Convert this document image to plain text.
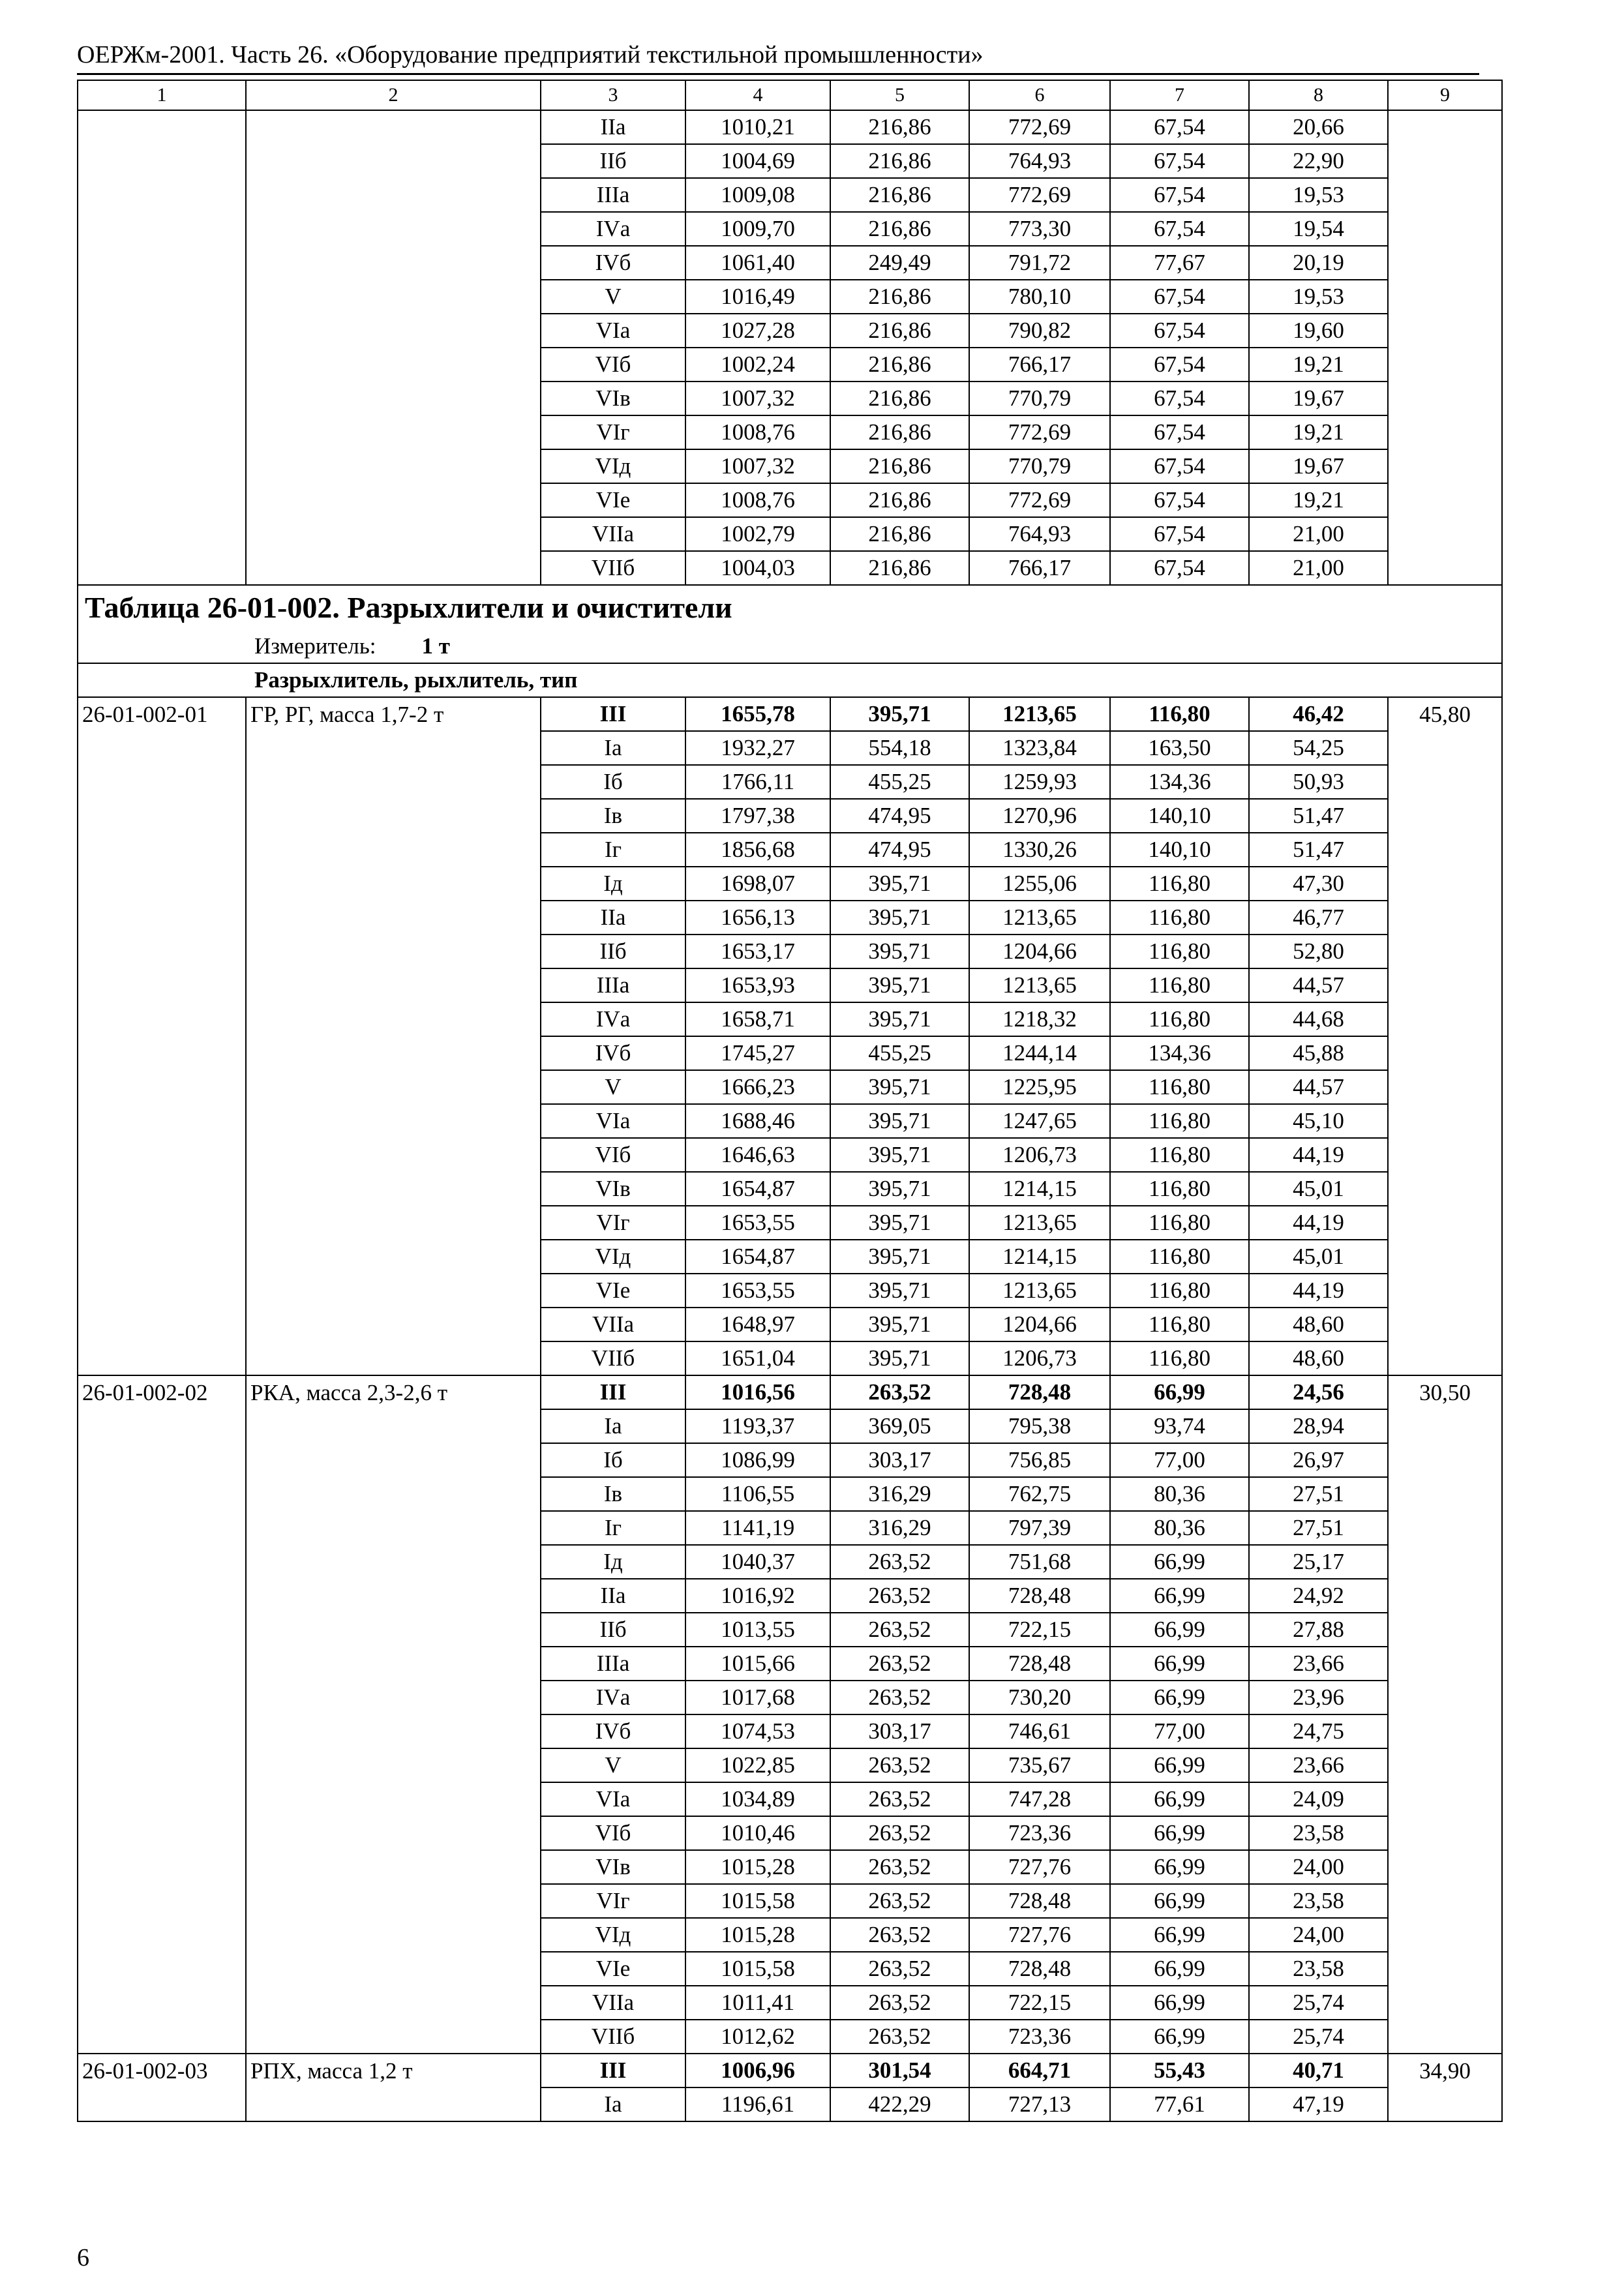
ОЕРЖм-2001. Часть 26. «Оборудование предприятий текстильной промышленности»
1	2	3	4	5	6	7	8	9
		IIа	1010,21	216,86	772,69	67,54	20,66	
		IIб	1004,69	216,86	764,93	67,54	22,90	
		IIIа	1009,08	216,86	772,69	67,54	19,53	
		IVа	1009,70	216,86	773,30	67,54	19,54	
		IVб	1061,40	249,49	791,72	77,67	20,19	
		V	1016,49	216,86	780,10	67,54	19,53	
		VIа	1027,28	216,86	790,82	67,54	19,60	
		VIб	1002,24	216,86	766,17	67,54	19,21	
		VIв	1007,32	216,86	770,79	67,54	19,67	
		VIг	1008,76	216,86	772,69	67,54	19,21	
		VIд	1007,32	216,86	770,79	67,54	19,67	
		VIе	1008,76	216,86	772,69	67,54	19,21	
		VIIа	1002,79	216,86	764,93	67,54	21,00	
		VIIб	1004,03	216,86	766,17	67,54	21,00	
Таблица 26-01-002. Разрыхлители и очистители								
Измеритель: 1 т								
Разрыхлитель, рыхлитель, тип								
26-01-002-01	ГР, РГ, масса 1,7-2 т	III	1655,78	395,71	1213,65	116,80	46,42	45,80
		Iа	1932,27	554,18	1323,84	163,50	54,25	
		Iб	1766,11	455,25	1259,93	134,36	50,93	
		Iв	1797,38	474,95	1270,96	140,10	51,47	
		Iг	1856,68	474,95	1330,26	140,10	51,47	
		Iд	1698,07	395,71	1255,06	116,80	47,30	
		IIа	1656,13	395,71	1213,65	116,80	46,77	
		IIб	1653,17	395,71	1204,66	116,80	52,80	
		IIIа	1653,93	395,71	1213,65	116,80	44,57	
		IVа	1658,71	395,71	1218,32	116,80	44,68	
		IVб	1745,27	455,25	1244,14	134,36	45,88	
		V	1666,23	395,71	1225,95	116,80	44,57	
		VIа	1688,46	395,71	1247,65	116,80	45,10	
		VIб	1646,63	395,71	1206,73	116,80	44,19	
		VIв	1654,87	395,71	1214,15	116,80	45,01	
		VIг	1653,55	395,71	1213,65	116,80	44,19	
		VIд	1654,87	395,71	1214,15	116,80	45,01	
		VIе	1653,55	395,71	1213,65	116,80	44,19	
		VIIа	1648,97	395,71	1204,66	116,80	48,60	
		VIIб	1651,04	395,71	1206,73	116,80	48,60	
26-01-002-02	РКА, масса 2,3-2,6 т	III	1016,56	263,52	728,48	66,99	24,56	30,50
		Iа	1193,37	369,05	795,38	93,74	28,94	
		Iб	1086,99	303,17	756,85	77,00	26,97	
		Iв	1106,55	316,29	762,75	80,36	27,51	
		Iг	1141,19	316,29	797,39	80,36	27,51	
		Iд	1040,37	263,52	751,68	66,99	25,17	
		IIа	1016,92	263,52	728,48	66,99	24,92	
		IIб	1013,55	263,52	722,15	66,99	27,88	
		IIIа	1015,66	263,52	728,48	66,99	23,66	
		IVа	1017,68	263,52	730,20	66,99	23,96	
		IVб	1074,53	303,17	746,61	77,00	24,75	
		V	1022,85	263,52	735,67	66,99	23,66	
		VIа	1034,89	263,52	747,28	66,99	24,09	
		VIб	1010,46	263,52	723,36	66,99	23,58	
		VIв	1015,28	263,52	727,76	66,99	24,00	
		VIг	1015,58	263,52	728,48	66,99	23,58	
		VIд	1015,28	263,52	727,76	66,99	24,00	
		VIе	1015,58	263,52	728,48	66,99	23,58	
		VIIа	1011,41	263,52	722,15	66,99	25,74	
		VIIб	1012,62	263,52	723,36	66,99	25,74	
26-01-002-03	РПХ, масса 1,2 т	III	1006,96	301,54	664,71	55,43	40,71	34,90
		Iа	1196,61	422,29	727,13	77,61	47,19	
6
